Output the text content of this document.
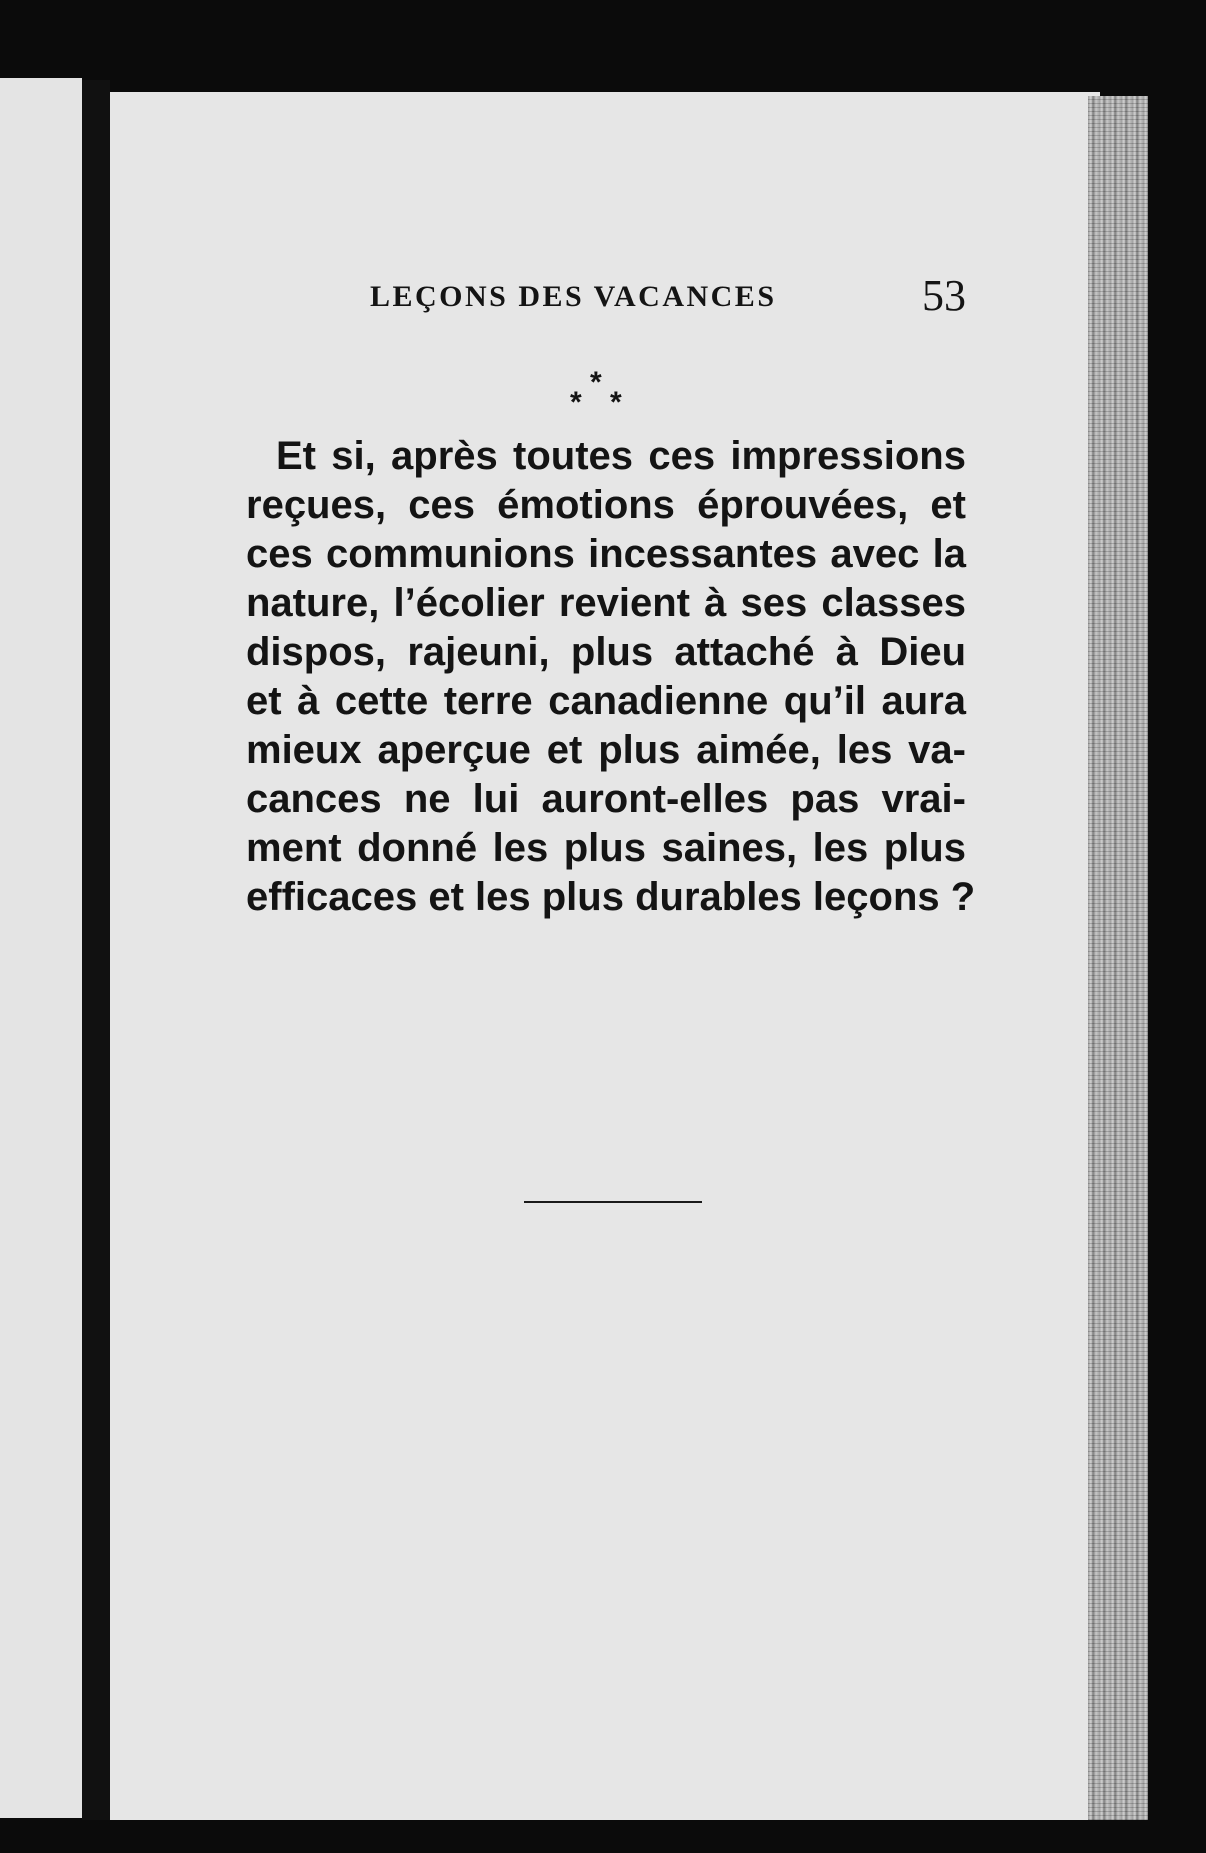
LEÇONS DES VACANCES	53
*
* *
Et si, après toutes ces impressions
reçues, ces émotions éprouvées, et
ces communions incessantes avec la
nature, l’écolier revient à ses classes
dispos, rajeuni, plus attaché à Dieu
et à cette terre canadienne qu’il aura
mieux aperçue et plus aimée, les va-
cances ne lui auront-elles pas vrai-
ment donné les plus saines, les plus
efficaces et les plus durables leçons ?
